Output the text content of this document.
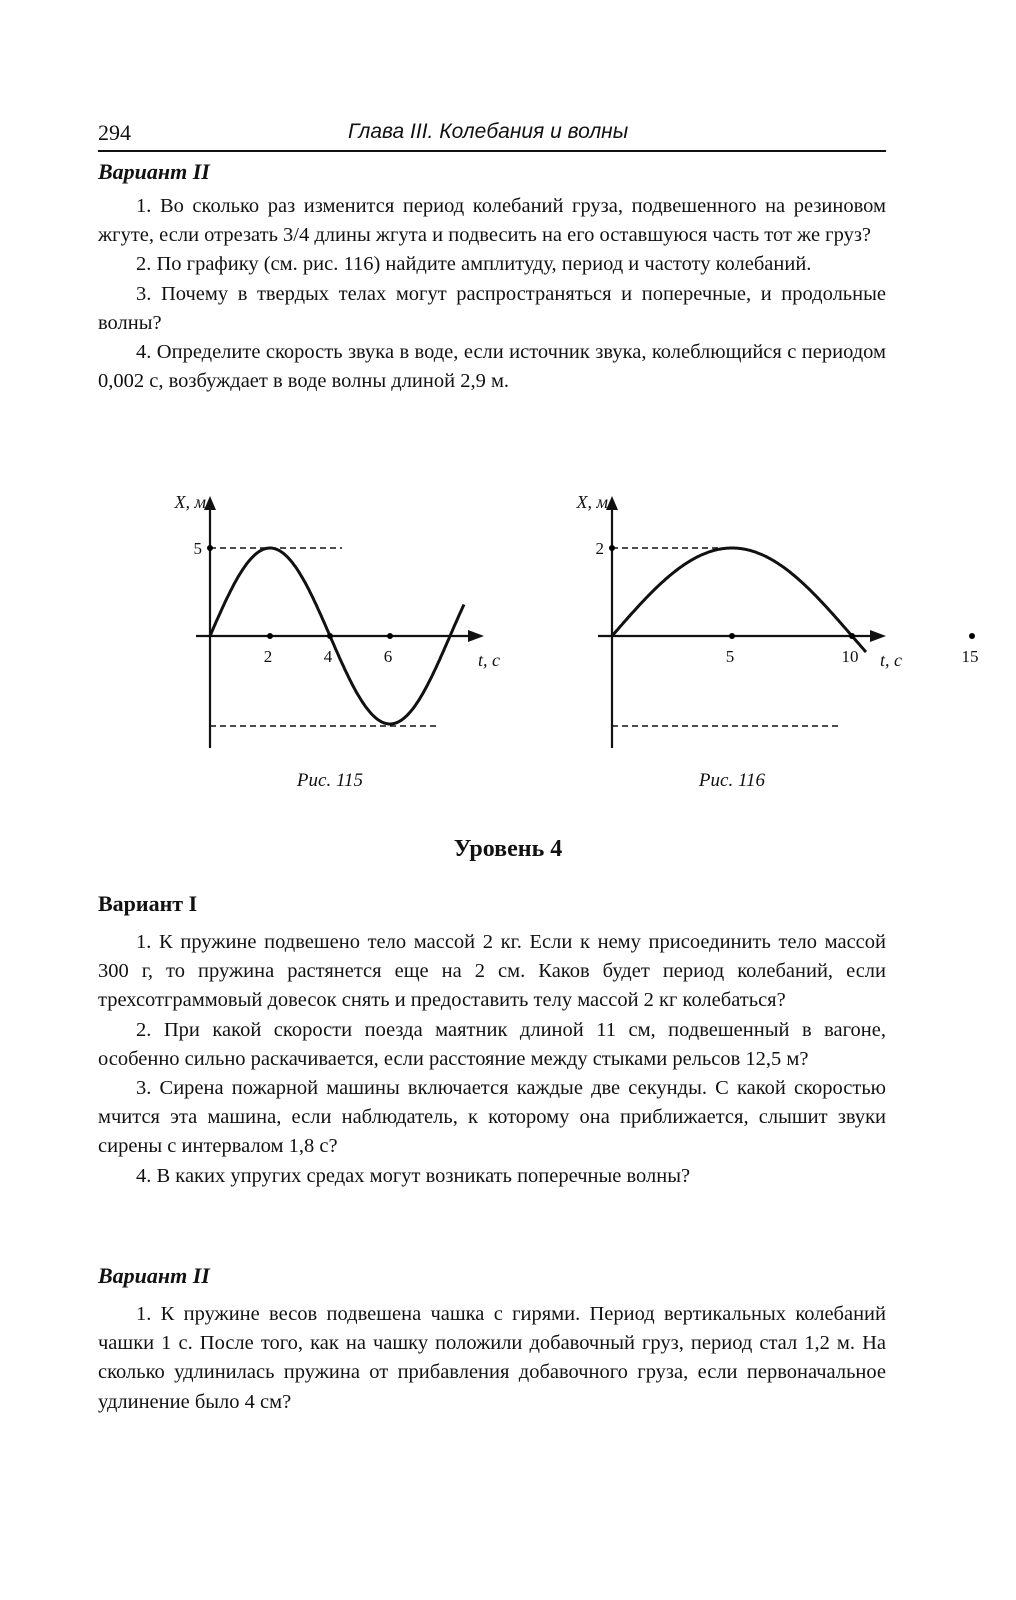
294	Глава III. Колебания и волны
Вариант II

1. Во сколько раз изменится период колебаний груза, подвешенного на резиновом жгуте, если отрезать 3/4 длины жгута и подвесить на его оставшуюся часть тот же груз?

2. По графику (см. рис. 116) найдите амплитуду, период и частоту колебаний.

3. Почему в твердых телах могут распространяться и поперечные, и продольные волны?

4. Определите скорость звука в воде, если источник звука, колеблющийся с периодом 0,002 с, возбуждает в воде волны длиной 2,9 м.

2	4	6
5
X, м
t, с
Рис. 115
5	10	15
2
X, м
t, с
Рис. 116
Уровень 4
Вариант I

1. К пружине подвешено тело массой 2 кг. Если к нему присоединить тело массой 300 г, то пружина растянется еще на 2 см. Каков будет период колебаний, если трехсотграммовый довесок снять и предоставить телу массой 2 кг колебаться?

2. При какой скорости поезда маятник длиной 11 см, подвешенный в вагоне, особенно сильно раскачивается, если расстояние между стыками рельсов 12,5 м?

3. Сирена пожарной машины включается каждые две секунды. С какой скоростью мчится эта машина, если наблюдатель, к которому она приближается, слышит звуки сирены с интервалом 1,8 с?

4. В каких упругих средах могут возникать поперечные волны?

Вариант II

1. К пружине весов подвешена чашка с гирями. Период вертикальных колебаний чашки 1 с. После того, как на чашку положили добавочный груз, период стал 1,2 м. На сколько удлинилась пружина от прибавления добавочного груза, если первоначальное удлинение было 4 см?
